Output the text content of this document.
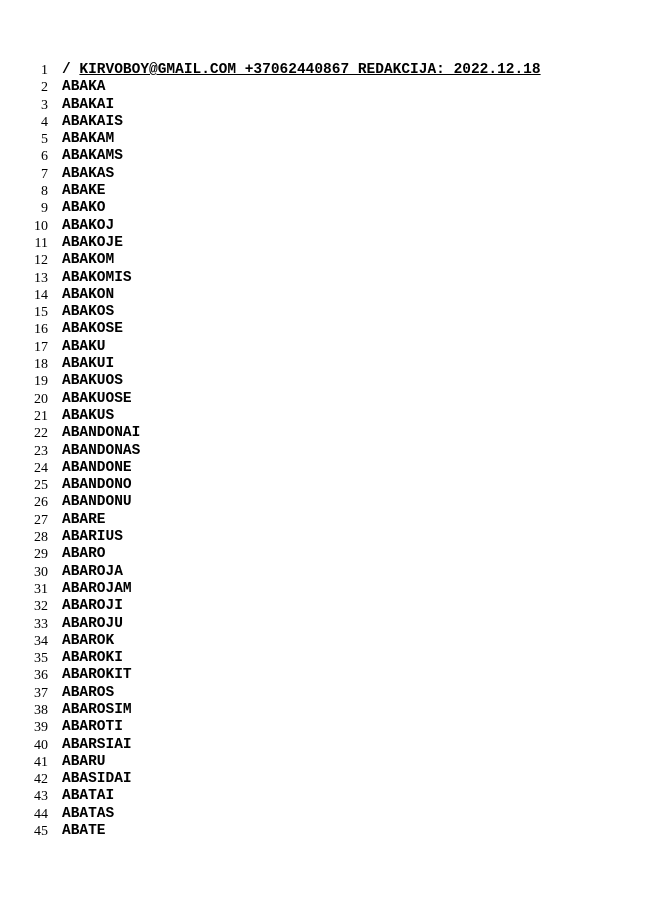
1 / KIRVOBOY@GMAIL.COM +37062440867 REDAKCIJA: 2022.12.18
2 ABAKA
3 ABAKAI
4 ABAKAIS
5 ABAKAM
6 ABAKAMS
7 ABAKAS
8 ABAKE
9 ABAKO
10 ABAKOJ
11 ABAKOJE
12 ABAKOM
13 ABAKOMIS
14 ABAKON
15 ABAKOS
16 ABAKOSE
17 ABAKU
18 ABAKUI
19 ABAKUOS
20 ABAKUOSE
21 ABAKUS
22 ABANDONAI
23 ABANDONAS
24 ABANDONE
25 ABANDONO
26 ABANDONU
27 ABARE
28 ABARIUS
29 ABARO
30 ABAROJA
31 ABAROJAM
32 ABAROJI
33 ABAROJU
34 ABAROK
35 ABAROKI
36 ABAROKIT
37 ABAROS
38 ABAROSIM
39 ABAROTI
40 ABARSIAI
41 ABARU
42 ABASIDAI
43 ABATAI
44 ABATAS
45 ABATE
